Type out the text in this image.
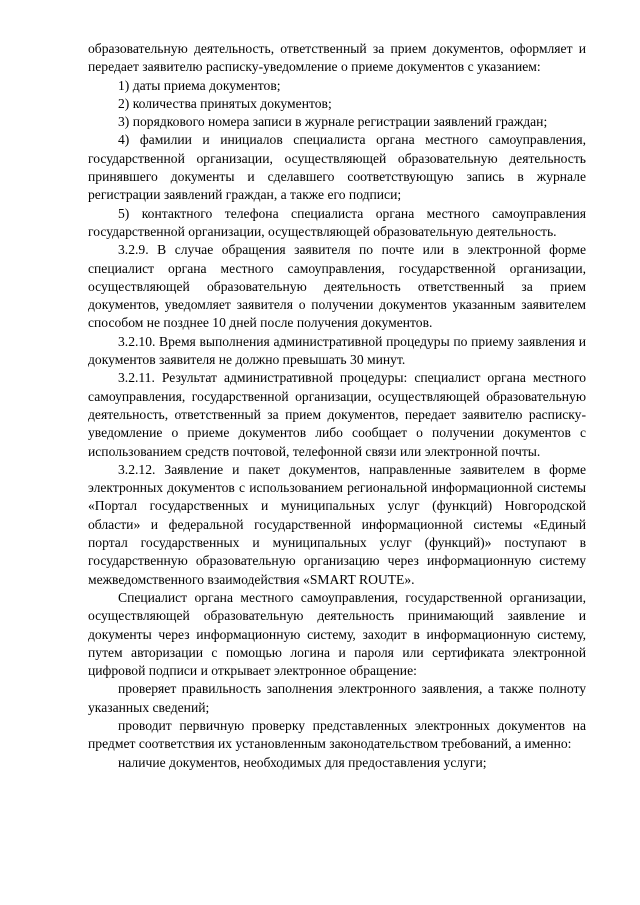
образовательную деятельность, ответственный за прием документов, оформляет и передает заявителю расписку-уведомление о приеме документов с указанием:

1) даты приема документов;

2) количества принятых документов;

3) порядкового номера записи в журнале регистрации заявлений граждан;

4) фамилии и инициалов специалиста органа местного самоуправления, государственной организации, осуществляющей образовательную деятельность принявшего документы и сделавшего соответствующую запись в журнале регистрации заявлений граждан, а также его подписи;

5) контактного телефона специалиста органа местного самоуправления государственной организации, осуществляющей образовательную деятельность.

3.2.9. В случае обращения заявителя по почте или в электронной форме специалист органа местного самоуправления, государственной организации, осуществляющей образовательную деятельность ответственный за прием документов, уведомляет заявителя о получении документов указанным заявителем способом не позднее 10 дней после получения документов.

3.2.10. Время выполнения административной процедуры по приему заявления и документов заявителя не должно превышать 30 минут.

3.2.11. Результат административной процедуры: специалист органа местного самоуправления, государственной организации, осуществляющей образовательную деятельность, ответственный за прием документов, передает заявителю расписку-уведомление о приеме документов либо сообщает о получении документов с использованием средств почтовой, телефонной связи или электронной почты.

3.2.12. Заявление и пакет документов, направленные заявителем в форме электронных документов с использованием региональной информационной системы «Портал государственных и муниципальных услуг (функций) Новгородской области» и федеральной государственной информационной системы «Единый портал государственных и муниципальных услуг (функций)» поступают в государственную образовательную организацию через информационную систему межведомственного взаимодействия «SMART ROUTE».

Специалист органа местного самоуправления, государственной организации, осуществляющей образовательную деятельность принимающий заявление и документы через информационную систему, заходит в информационную систему, путем авторизации с помощью логина и пароля или сертификата электронной цифровой подписи и открывает электронное обращение:

проверяет правильность заполнения электронного заявления, а также полноту указанных сведений;

проводит первичную проверку представленных электронных документов на предмет соответствия их установленным законодательством требований, а именно:

наличие документов, необходимых для предоставления услуги;
